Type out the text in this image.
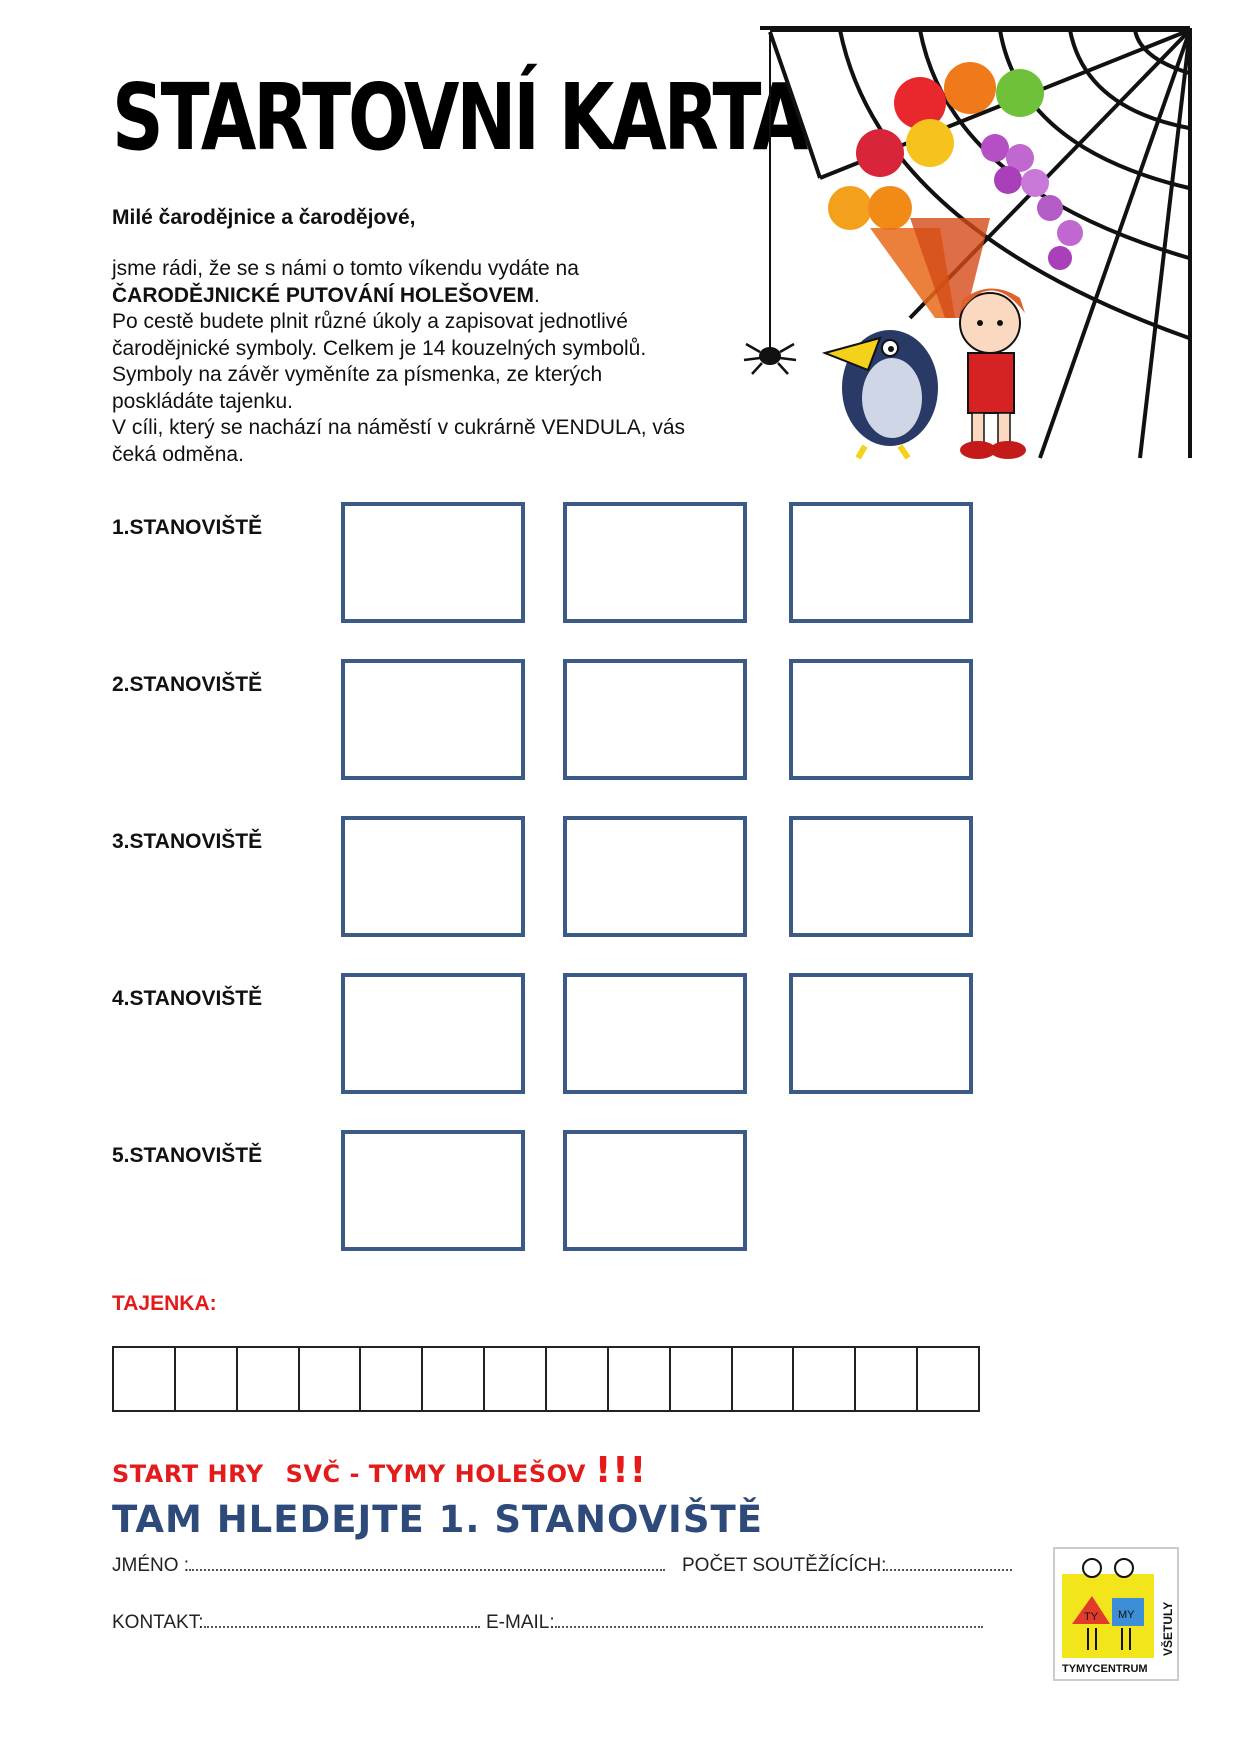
STARTOVNÍ KARTA
Milé čarodějnice a čarodějové,

jsme rádi, že se s námi o tomto víkendu vydáte na

ČARODĚJNICKÉ PUTOVÁNÍ HOLEŠOVEM.

Po cestě budete plnit různé úkoly a zapisovat jednotlivé

čarodějnické symboly. Celkem je 14 kouzelných symbolů.

Symboly na závěr vyměníte za písmenka, ze kterých

poskládáte tajenku.

V cíli, který se nachází na náměstí v cukrárně VENDULA, vás

čeká odměna.

1.STANOVIŠTĚ
2.STANOVIŠTĚ
3.STANOVIŠTĚ
4.STANOVIŠTĚ
5.STANOVIŠTĚ
TAJENKA:
START HRY SVČ - TYMY HOLEŠOV !!!
TAM HLEDEJTE 1. STANOVIŠTĚ
JMÉNO :	POČET SOUTĚŽÍCÍCH:
KONTAKT:	E-MAIL:	TY MY
TYMYCENTRUM
VŠETULY
